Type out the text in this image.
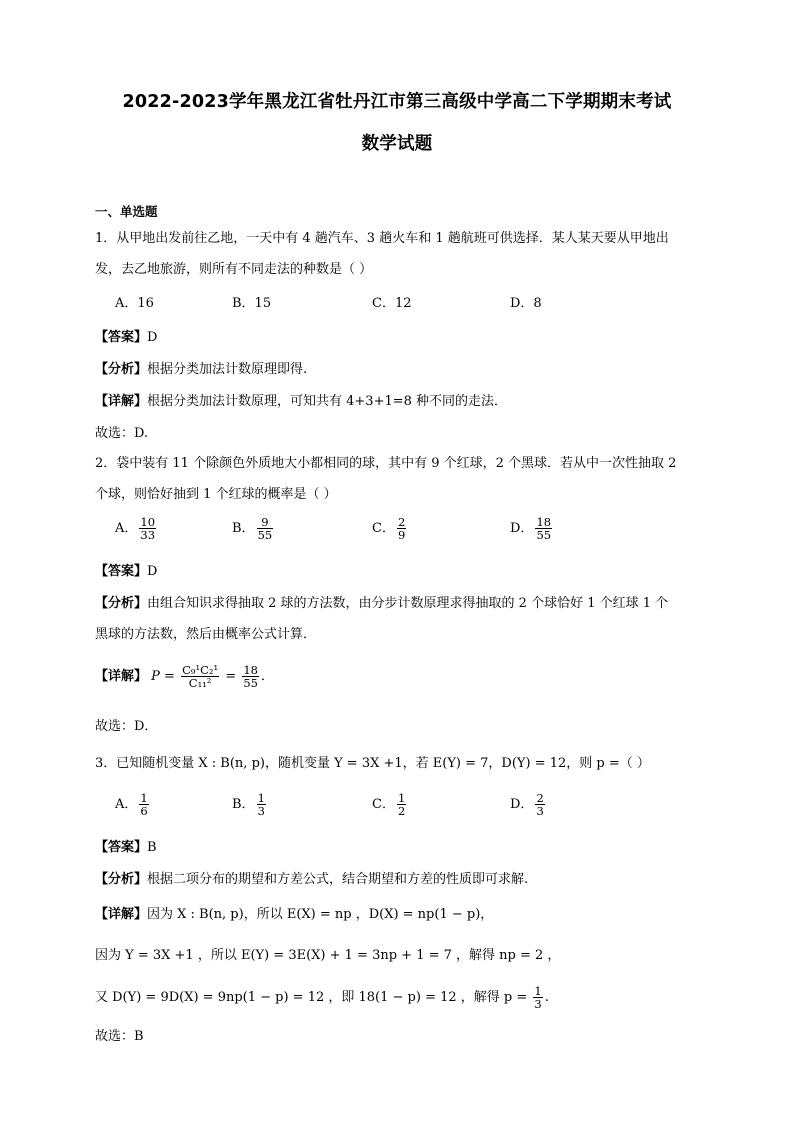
2022-2023学年黑龙江省牡丹江市第三高级中学高二下学期期末考试
数学试题
一、单选题
1．从甲地出发前往乙地，一天中有 4 趟汽车、3 趟火车和 1 趟航班可供选择．某人某天要从甲地出
发，去乙地旅游，则所有不同走法的种数是（ ）
A．16	B．15	C．12	D．8
【答案】D
【分析】根据分类加法计数原理即得.
【详解】根据分类加法计数原理，可知共有 4+3+1=8 种不同的走法．
故选：D.
2．袋中装有 11 个除颜色外质地大小都相同的球，其中有 9 个红球，2 个黑球．若从中一次性抽取 2
个球，则恰好抽到 1 个红球的概率是（ ）
A． $\frac{10}{33}$	B． $\frac{9}{55}$	C． $\frac{2}{9}$	D． $\frac{18}{55}$
【答案】D
【分析】由组合知识求得抽取 2 球的方法数，由分步计数原理求得抽取的 2 个球恰好 1 个红球 1 个
黑球的方法数，然后由概率公式计算．
【详解】 $P = \frac{\text{C₉¹C₂¹}}{\text{C₁₁²}} = \frac{18}{55}$ ．
故选：D．
3．已知随机变量 X : B(n, p)，随机变量 Y = 3X +1，若 E(Y) = 7，D(Y) = 12，则 p =（ ）
A． $\frac{1}{6}$	B． $\frac{1}{3}$	C． $\frac{1}{2}$	D． $\frac{2}{3}$
【答案】B
【分析】根据二项分布的期望和方差公式，结合期望和方差的性质即可求解.
【详解】因为 X : B(n, p)，所以 E(X) = np ，D(X) = np(1 − p)，
因为 Y = 3X +1 ，所以 E(Y) = 3E(X) + 1 = 3np + 1 = 7 ，解得 np = 2 ，
又 D(Y) = 9D(X) = 9np(1 − p) = 12 ，即 18(1 − p) = 12 ，解得 $p = \frac{1}{3}$ .
故选：B
